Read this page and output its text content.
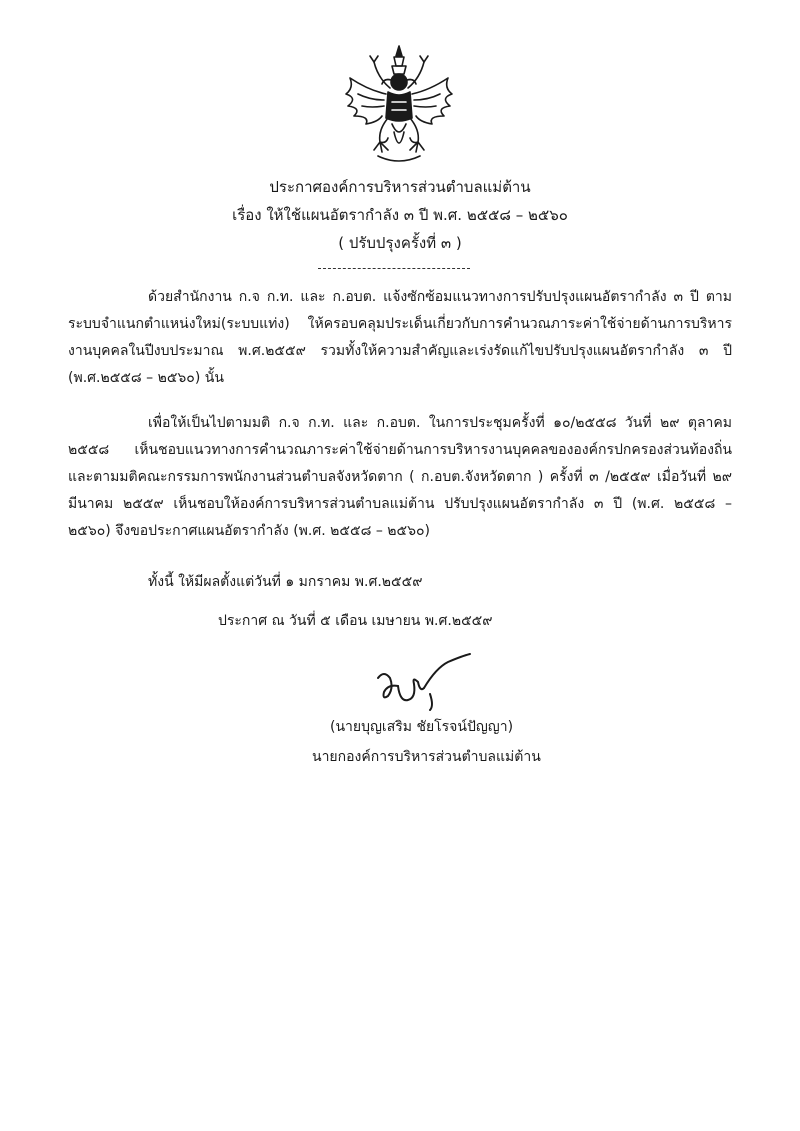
ประกาศองค์การบริหารส่วนตำบลแม่ต้าน
เรื่อง ให้ใช้แผนอัตรากำลัง ๓ ปี พ.ศ. ๒๕๕๘ – ๒๕๖๐
( ปรับปรุงครั้งที่ ๓ )
ด้วยสำนักงาน ก.จ ก.ท. และ ก.อบต. แจ้งซักซ้อมแนวทางการปรับปรุงแผนอัตรากำลัง ๓ ปี ตามระบบจำแนกตำแหน่งใหม่(ระบบแท่ง) ให้ครอบคลุมประเด็นเกี่ยวกับการคำนวณภาระค่าใช้จ่ายด้านการบริหารงานบุคคลในปีงบประมาณ พ.ศ.๒๕๕๙ รวมทั้งให้ความสำคัญและเร่งรัดแก้ไขปรับปรุงแผนอัตรากำลัง ๓ ปี (พ.ศ.๒๕๕๘ – ๒๕๖๐) นั้น
เพื่อให้เป็นไปตามมติ ก.จ ก.ท. และ ก.อบต. ในการประชุมครั้งที่ ๑๐/๒๕๕๘ วันที่ ๒๙ ตุลาคม ๒๕๕๘ เห็นชอบแนวทางการคำนวณภาระค่าใช้จ่ายด้านการบริหารงานบุคคลขององค์กรปกครองส่วนท้องถิ่น และตามมติคณะกรรมการพนักงานส่วนตำบลจังหวัดตาก ( ก.อบต.จังหวัดตาก ) ครั้งที่ ๓ /๒๕๕๙ เมื่อวันที่ ๒๙ มีนาคม ๒๕๕๙ เห็นชอบให้องค์การบริหารส่วนตำบลแม่ต้าน ปรับปรุงแผนอัตรากำลัง ๓ ปี (พ.ศ. ๒๕๕๘ – ๒๕๖๐) จึงขอประกาศแผนอัตรากำลัง (พ.ศ. ๒๕๕๘ – ๒๕๖๐)
ทั้งนี้ ให้มีผลตั้งแต่วันที่ ๑ มกราคม พ.ศ.๒๕๕๙
ประกาศ ณ วันที่ ๕ เดือน เมษายน พ.ศ.๒๕๕๙
(นายบุญเสริม ชัยโรจน์ปัญญา)
นายกองค์การบริหารส่วนตำบลแม่ต้าน
